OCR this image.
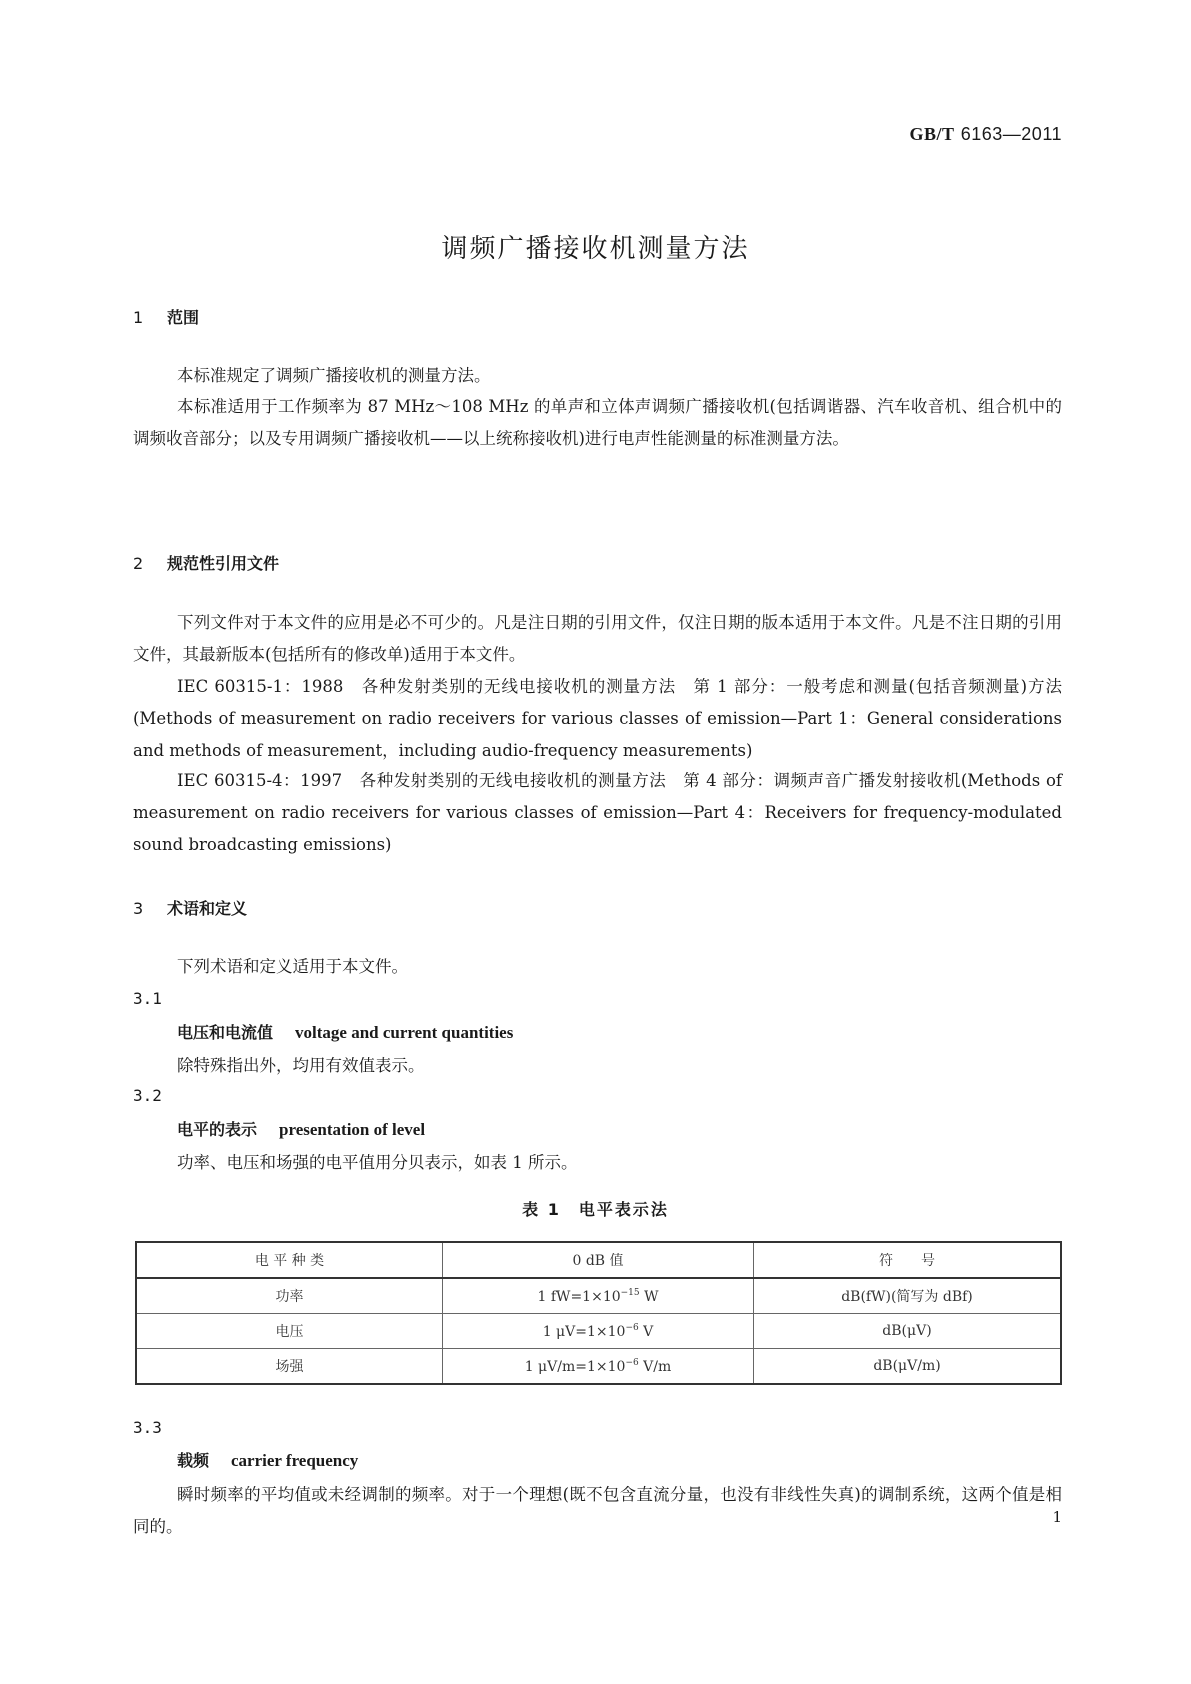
GB/T 6163—2011
调频广播接收机测量方法
1 范围
本标准规定了调频广播接收机的测量方法。
本标准适用于工作频率为 87 MHz～108 MHz 的单声和立体声调频广播接收机(包括调谐器、汽车收音机、组合机中的调频收音部分；以及专用调频广播接收机——以上统称接收机)进行电声性能测量的标准测量方法。
2 规范性引用文件
下列文件对于本文件的应用是必不可少的。凡是注日期的引用文件，仅注日期的版本适用于本文件。凡是不注日期的引用文件，其最新版本(包括所有的修改单)适用于本文件。
IEC 60315-1：1988　各种发射类别的无线电接收机的测量方法　第 1 部分：一般考虑和测量(包括音频测量)方法(Methods of measurement on radio receivers for various classes of emission—Part 1：General considerations and methods of measurement，including audio-frequency measurements)
IEC 60315-4：1997　各种发射类别的无线电接收机的测量方法　第 4 部分：调频声音广播发射接收机(Methods of measurement on radio receivers for various classes of emission—Part 4：Receivers for frequency-modulated sound broadcasting emissions)
3 术语和定义
下列术语和定义适用于本文件。
3.1
电压和电流值 voltage and current quantities
除特殊指出外，均用有效值表示。
3.2
电平的表示 presentation of level
功率、电压和场强的电平值用分贝表示，如表 1 所示。
表 1　电平表示法
电 平 种 类	0 dB 值	符　　号
功率	1 $fW=1\times 10^{-15}$ W	dB(fW)(简写为 dBf)
电压	1 $\mu V=1\times 10^{-6}$ V	dB(μV)
场强	1 $\mu V/m=1\times 10^{-6}$ V/m	dB(μV/m)
3.3
载频 carrier frequency
瞬时频率的平均值或未经调制的频率。对于一个理想(既不包含直流分量，也没有非线性失真)的调制系统，这两个值是相同的。	1
